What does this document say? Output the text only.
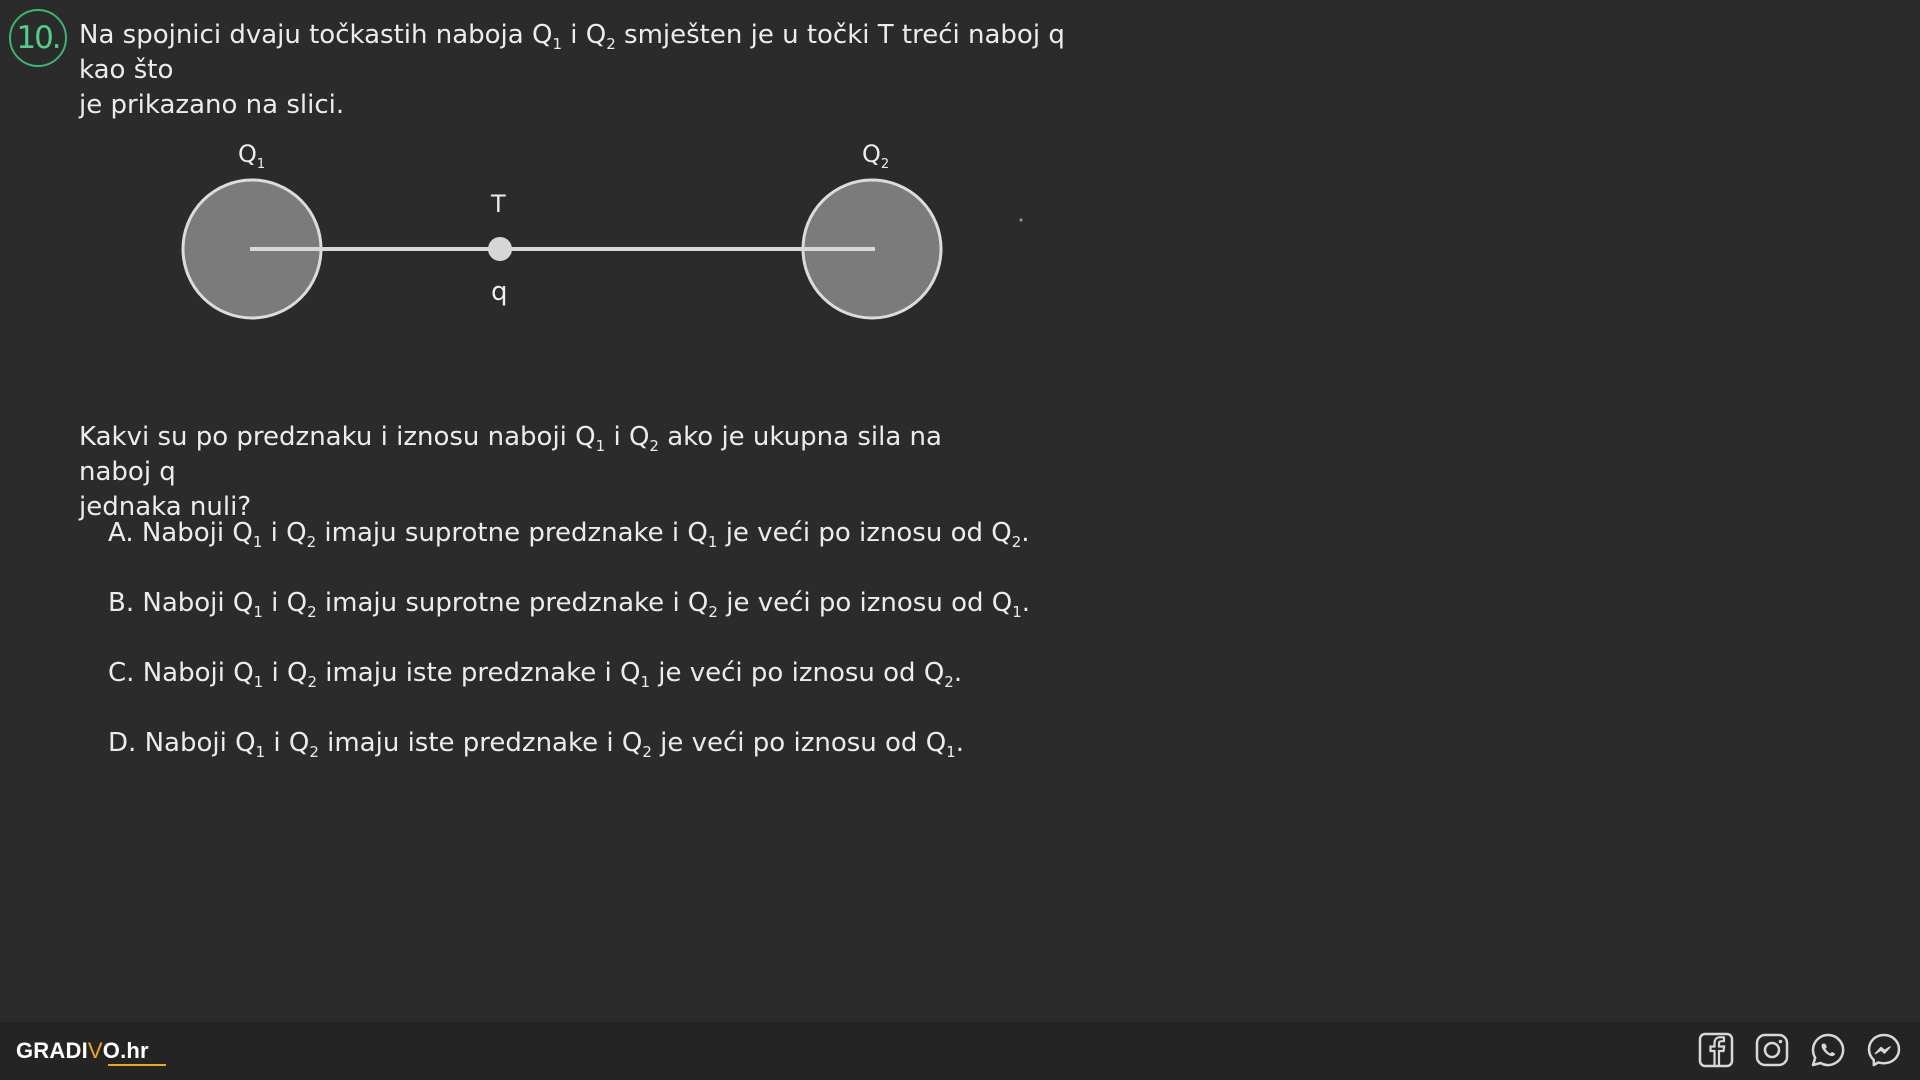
10. Na spojnici dvaju točkastih naboja $Q_1$ i $Q_2$ smješten je u točki T treći naboj q kao što
je prikazano na slici.
$Q_1$	$Q_2$
T
q
Kakvi su po predznaku i iznosu naboji $Q_1$ i $Q_2$ ako je ukupna sila na naboj q
jednaka nuli?
A. Naboji $Q_1$ i $Q_2$ imaju suprotne predznake i $Q_1$ je veći po iznosu od $Q_2$.
B. Naboji $Q_1$ i $Q_2$ imaju suprotne predznake i $Q_2$ je veći po iznosu od $Q_1$.
C. Naboji $Q_1$ i $Q_2$ imaju iste predznake i $Q_1$ je veći po iznosu od $Q_2$.
D. Naboji $Q_1$ i $Q_2$ imaju iste predznake i $Q_2$ je veći po iznosu od $Q_1$.
GRADIVO.hr
